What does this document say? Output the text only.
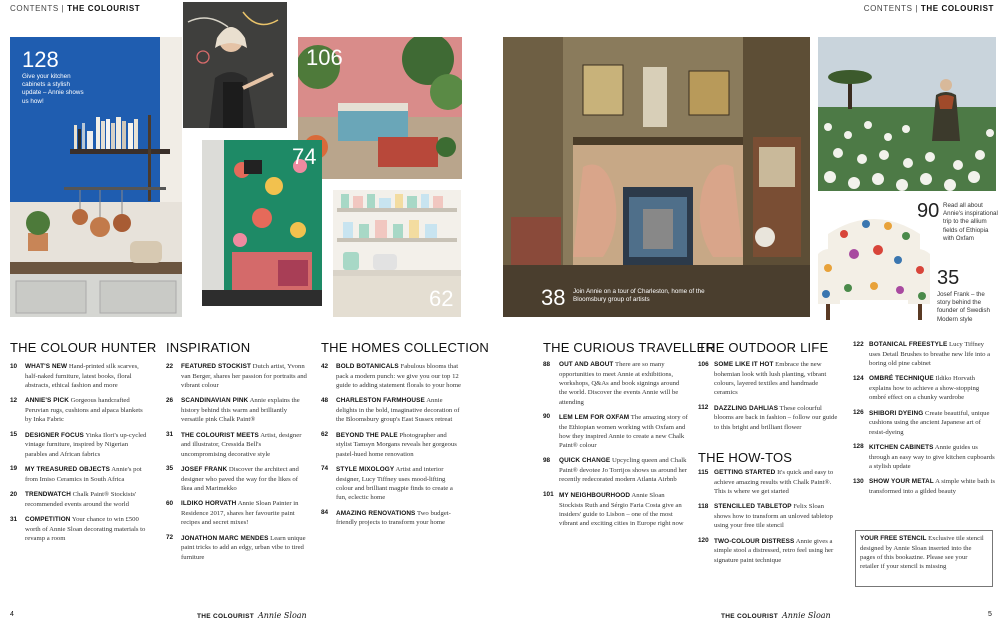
CONTENTS | THE COLOURIST	CONTENTS | THE COLOURIST
128
Give your kitchen cabinets a stylish update – Annie shows us how!
106
74
62	38 Join Annie on a tour of Charleston, home of the Bloomsbury group of artists
90 Read all about Annie's inspirational trip to the allium fields of Ethiopia with Oxfam
35
Josef Frank – the story behind the founder of Swedish Modern style
THE COLOUR HUNTER INSPIRATION	THE HOMES COLLECTION	THE CURIOUS TRAVELLER
THE OUTDOOR LIFE
THE HOW-TOS
10	WHAT'S NEW Hand-printed silk scarves, half-naked furniture, latest books, floral abstracts, ethical fashion and more
12	ANNIE'S PICK Gorgeous handcrafted Peruvian rugs, cushions and alpaca blankets by Inka Fabric
15	DESIGNER FOCUS Yinka Ilori's up-cycled vintage furniture, inspired by Nigerian parables and African fabrics
19	MY TREASURED OBJECTS Annie's pot from Imiso Ceramics in South Africa
20	TRENDWATCH Chalk Paint® Stockists' recommended events around the world
31	COMPETITION Your chance to win £500 worth of Annie Sloan decorating materials to revamp a room
22	FEATURED STOCKIST Dutch artist, Yvonn van Berger, shares her passion for portraits and vibrant colour
26	SCANDINAVIAN PINK Annie explains the history behind this warm and brilliantly versatile pink Chalk Paint®
31	THE COLOURIST MEETS Artist, designer and illustrator, Cressida Bell's uncompromising decorative style
35	JOSEF FRANK Discover the architect and designer who paved the way for the likes of Ikea and Marimekko
60	ILDIKO HORVATH Annie Sloan Painter in Residence 2017, shares her favourite paint recipes and secret mixes!
72	JONATHON MARC MENDES Learn unique paint tricks to add an edgy, urban vibe to tired furniture
42	BOLD BOTANICALS Fabulous blooms that pack a modern punch: we give you our top 12 guide to adding statement florals to your home
48	CHARLESTON FARMHOUSE Annie delights in the bold, imaginative decoration of the Bloomsbury group's East Sussex retreat
62	BEYOND THE PALE Photographer and stylist Tamsyn Morgans reveals her gorgeous pastel-hued home renovation
74	STYLE MIXOLOGY Artist and interior designer, Lucy Tiffney uses mood-lifting colour and brilliant magpie finds to create a fun, eclectic home
84	AMAZING RENOVATIONS Two budget-friendly projects to transform your home
88	OUT AND ABOUT There are so many opportunities to meet Annie at exhibitions, workshops, Q&As and book signings around the world. Discover the events Annie will be attending
90	LEM LEM FOR OXFAM The amazing story of the Ethiopian women working with Oxfam and how they inspired Annie to create a new Chalk Paint® colour
98	QUICK CHANGE Upcycling queen and Chalk Paint® devotee Jo Torrijos shows us around her recently redecorated modern Atlanta Airbnb
101 MY NEIGHBOURHOOD Annie Sloan Stockists Ruth and Sérgio Faria Costa give an insiders' guide to Lisbon – one of the most vibrant and exciting cities in Europe right now
106 SOME LIKE IT HOT Embrace the new bohemian look with lush planting, vibrant colours, layered textiles and handmade ceramics
112 DAZZLING DAHLIAS These colourful blooms are back in fashion – follow our guide to this bright and brilliant flower
115 GETTING STARTED It's quick and easy to achieve amazing results with Chalk Paint®. This is where we get started
118 STENCILLED TABLETOP Felix Sloan shows how to transform an unloved tabletop using your free tile stencil
120 TWO-COLOUR DISTRESS Annie gives a simple stool a distressed, retro feel using her signature paint technique
122 BOTANICAL FREESTYLE Lucy Tiffney uses Detail Brushes to breathe new life into a boring old pine cabinet
124 OMBRÉ TECHNIQUE Ildiko Horvath explains how to achieve a show-stopping ombré effect on a chunky wardrobe
126 SHIBORI DYEING Create beautiful, unique cushions using the ancient Japanese art of resist-dyeing
128 KITCHEN CABINETS Annie guides us through an easy way to give kitchen cupboards a stylish update
130 SHOW YOUR METAL A simple white bath is transformed into a gilded beauty
YOUR FREE STENCIL Exclusive tile stencil designed by Annie Sloan inserted into the pages of this bookazine. Please see your retailer if your stencil is missing
4	THE COLOURIST Annie Sloan	THE COLOURIST Annie Sloan	5
